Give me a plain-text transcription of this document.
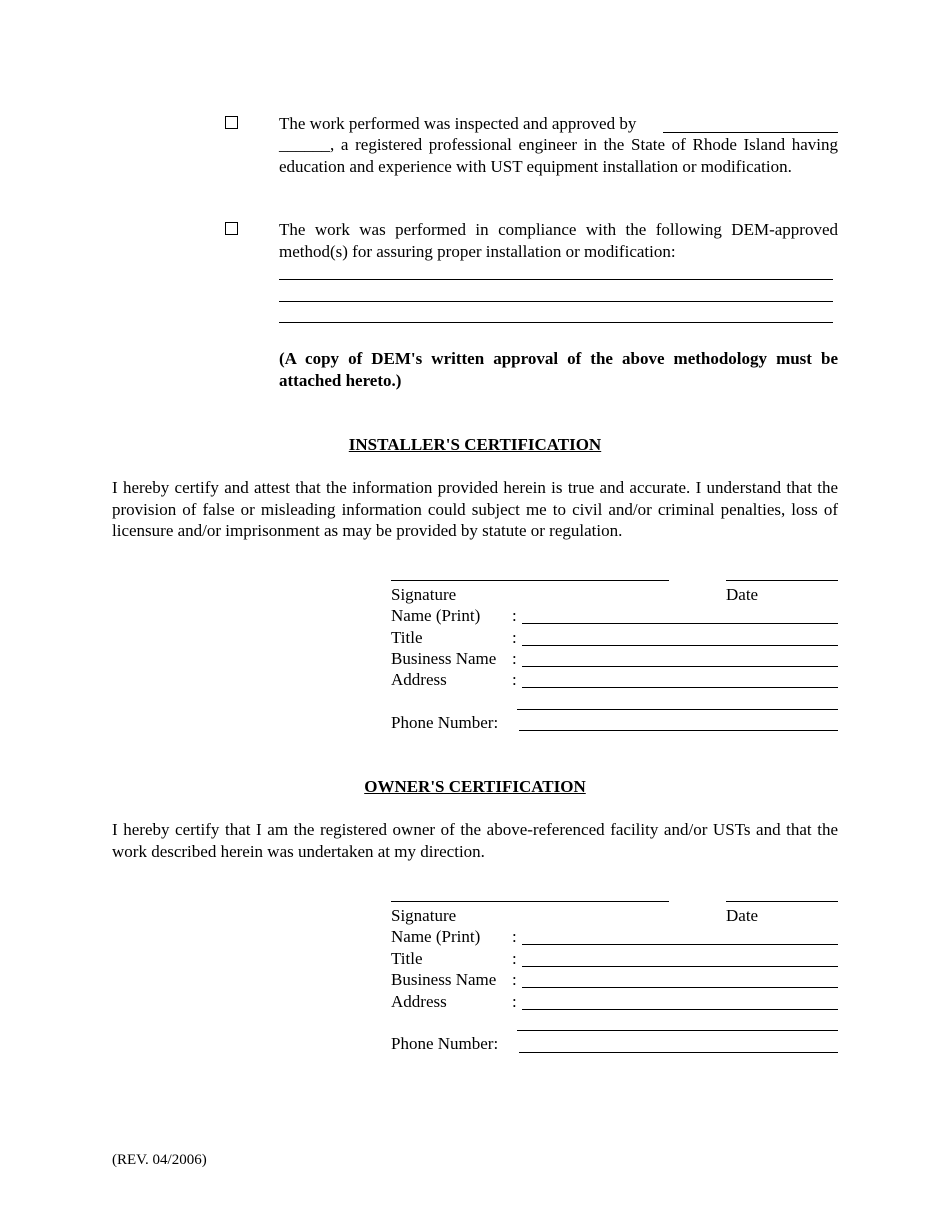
The work performed was inspected and approved by
______, a registered professional engineer in the State of Rhode Island having education and experience with UST equipment installation or modification.
The work was performed in compliance with the following DEM-approved method(s) for assuring proper installation or modification:
(A copy of DEM's written approval of the above methodology must be attached hereto.)
INSTALLER'S CERTIFICATION
I hereby certify and attest that the information provided herein is true and accurate. I understand that the provision of false or misleading information could subject me to civil and/or criminal penalties, loss of licensure and/or imprisonment as may be provided by statute or regulation.
Signature	Date
Name (Print) :
Title	:
Business Name :
Address	:
Phone Number:
OWNER'S CERTIFICATION
I hereby certify that I am the registered owner of the above-referenced facility and/or USTs and that the work described herein was undertaken at my direction.
Signature	Date
Name (Print) :
Title	:
Business Name :
Address	:
Phone Number:
(REV. 04/2006)
